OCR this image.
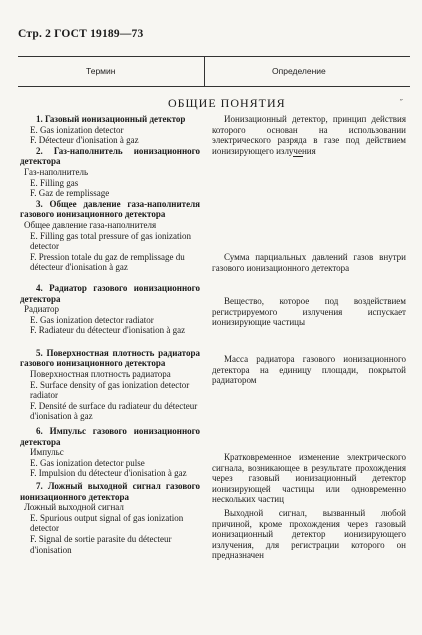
Стр. 2 ГОСТ 19189—73
Термин	Определение
ОБЩИЕ ПОНЯТИЯ	˝
1. Газовый ионизационный детектор
E. Gas ionization detector
F. Détecteur d'ionisation à gaz
2. Газ-наполнитель ионизационного детектора
Газ-наполнитель
E. Filling gas
F. Gaz de remplissage
3. Общее давление газа-наполнителя газового ионизационного детектора
Общее давление газа-наполнителя
E. Filling gas total pressure of gas ionization detector
F. Pression totale du gaz de remplissage du détecteur d'ionisation à gaz
4. Радиатор газового ионизационного детектора
Радиатор
E. Gas ionization detector radiator
F. Radiateur du détecteur d'ionisation à gaz
5. Поверхностная плотность радиатора газового ионизационного детектора
Поверхностная плотность радиатора
E. Surface density of gas ionization detector radiator
F. Densité de surface du radiateur du détecteur d'ionisation à gaz
6. Импульс газового ионизационного детектора
Импульс
E. Gas ionization detector pulse
F. Impulsion du détecteur d'ionisation à gaz
7. Ложный выходной сигнал газового ионизационного детектора
Ложный выходной сигнал
E. Spurious output signal of gas ionization detector
F. Signal de sortie parasite du détecteur d'ionisation

Ионизационный детектор, принцип действия которого основан на использовании электрического разряда в газе под действием ионизирующего излучения

Сумма парциальных давлений газов внутри газового ионизационного детектора

Вещество, которое под воздействием регистрируемого излучения испускает ионизирующие частицы

Масса радиатора газового ионизационного детектора на единицу площади, покрытой радиатором

Кратковременное изменение электрического сигнала, возникающее в результате прохождения через газовый ионизационный детектор ионизирующей частицы или одновременно нескольких частиц

Выходной сигнал, вызванный любой причиной, кроме прохождения через газовый ионизационный детектор ионизирующего излучения, для регистрации которого он предназначен
